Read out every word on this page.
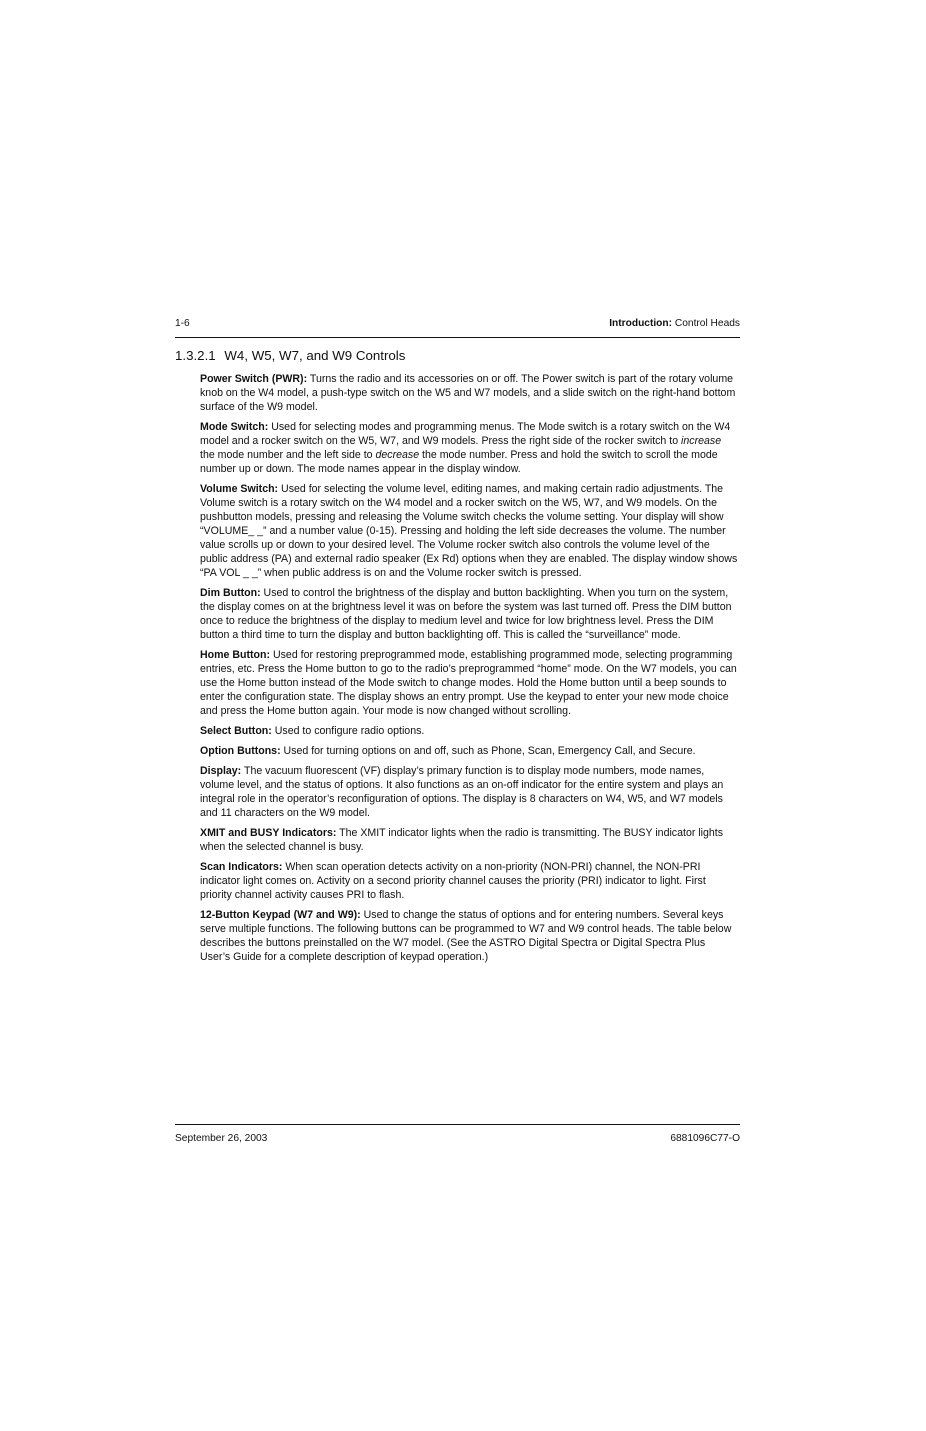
1-6	Introduction: Control Heads
1.3.2.1 W4, W5, W7, and W9 Controls

Power Switch (PWR): Turns the radio and its accessories on or off. The Power switch is part of the rotary volume knob on the W4 model, a push-type switch on the W5 and W7 models, and a slide switch on the right-hand bottom surface of the W9 model.

Mode Switch: Used for selecting modes and programming menus. The Mode switch is a rotary switch on the W4 model and a rocker switch on the W5, W7, and W9 models. Press the right side of the rocker switch to increase the mode number and the left side to decrease the mode number. Press and hold the switch to scroll the mode number up or down. The mode names appear in the display window.

Volume Switch: Used for selecting the volume level, editing names, and making certain radio adjustments. The Volume switch is a rotary switch on the W4 model and a rocker switch on the W5, W7, and W9 models. On the pushbutton models, pressing and releasing the Volume switch checks the volume setting. Your display will show “VOLUME_ _” and a number value (0-15). Pressing and holding the left side decreases the volume. The number value scrolls up or down to your desired level. The Volume rocker switch also controls the volume level of the public address (PA) and external radio speaker (Ex Rd) options when they are enabled. The display window shows “PA VOL _ _” when public address is on and the Volume rocker switch is pressed.

Dim Button: Used to control the brightness of the display and button backlighting. When you turn on the system, the display comes on at the brightness level it was on before the system was last turned off. Press the DIM button once to reduce the brightness of the display to medium level and twice for low brightness level. Press the DIM button a third time to turn the display and button backlighting off. This is called the “surveillance” mode.

Home Button: Used for restoring preprogrammed mode, establishing programmed mode, selecting programming entries, etc. Press the Home button to go to the radio’s preprogrammed “home” mode. On the W7 models, you can use the Home button instead of the Mode switch to change modes. Hold the Home button until a beep sounds to enter the configuration state. The display shows an entry prompt. Use the keypad to enter your new mode choice and press the Home button again. Your mode is now changed without scrolling.

Select Button: Used to configure radio options.

Option Buttons: Used for turning options on and off, such as Phone, Scan, Emergency Call, and Secure.

Display: The vacuum fluorescent (VF) display’s primary function is to display mode numbers, mode names, volume level, and the status of options. It also functions as an on-off indicator for the entire system and plays an integral role in the operator’s reconfiguration of options. The display is 8 characters on W4, W5, and W7 models and 11 characters on the W9 model.

XMIT and BUSY Indicators: The XMIT indicator lights when the radio is transmitting. The BUSY indicator lights when the selected channel is busy.

Scan Indicators: When scan operation detects activity on a non-priority (NON-PRI) channel, the NON-PRI indicator light comes on. Activity on a second priority channel causes the priority (PRI) indicator to light. First priority channel activity causes PRI to flash.

12-Button Keypad (W7 and W9): Used to change the status of options and for entering numbers. Several keys serve multiple functions. The following buttons can be programmed to W7 and W9 control heads. The table below describes the buttons preinstalled on the W7 model. (See the ASTRO Digital Spectra or Digital Spectra Plus User’s Guide for a complete description of keypad operation.)

September 26, 2003	6881096C77-O
